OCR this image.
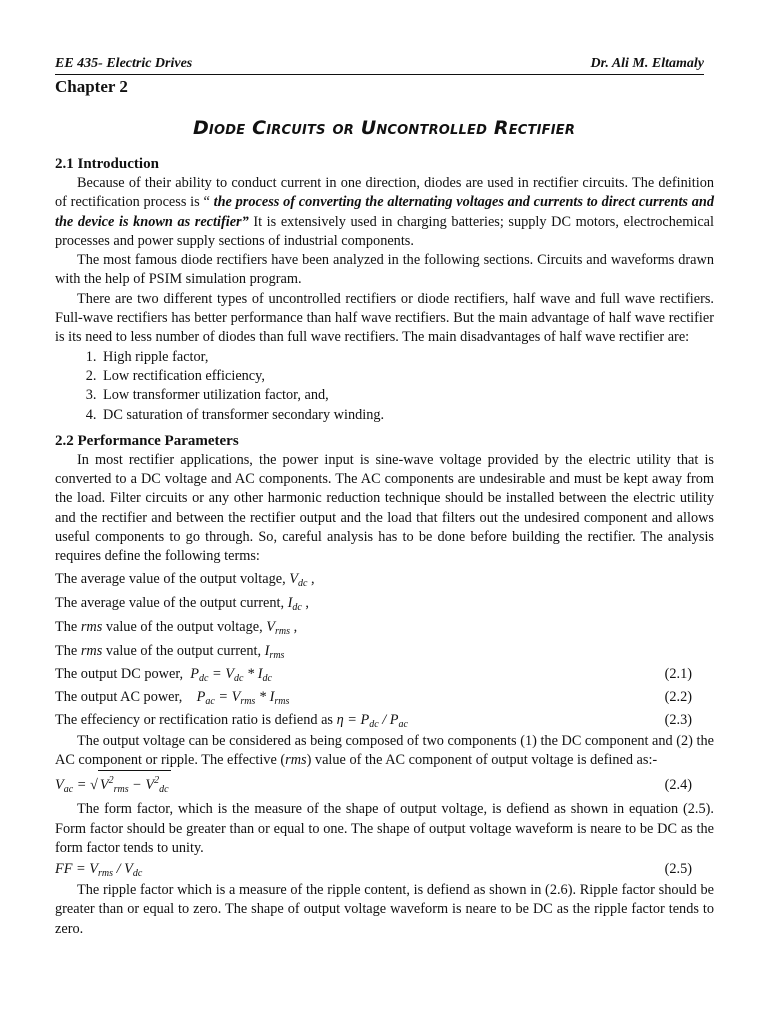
EE 435- Electric Drives	Dr. Ali M. Eltamaly
Chapter 2
Diode Circuits or Uncontrolled Rectifier
2.1 Introduction

Because of their ability to conduct current in one direction, diodes are used in rectifier circuits. The definition of rectification process is “ the process of converting the alternating voltages and currents to direct currents and the device is known as rectifier” It is extensively used in charging batteries; supply DC motors, electrochemical processes and power supply sections of industrial components.

The most famous diode rectifiers have been analyzed in the following sections. Circuits and waveforms drawn with the help of PSIM simulation program.

There are two different types of uncontrolled rectifiers or diode rectifiers, half wave and full wave rectifiers. Full-wave rectifiers has better performance than half wave rectifiers. But the main advantage of half wave rectifier is its need to less number of diodes than full wave rectifiers. The main disadvantages of half wave rectifier are:

1. High ripple factor,
2. Low rectification efficiency,
3. Low transformer utilization factor, and,
4. DC saturation of transformer secondary winding.
2.2 Performance Parameters

In most rectifier applications, the power input is sine-wave voltage provided by the electric utility that is converted to a DC voltage and AC components. The AC components are undesirable and must be kept away from the load. Filter circuits or any other harmonic reduction technique should be installed between the electric utility and the rectifier and between the rectifier output and the load that filters out the undesired component and allows useful components to go through. So, careful analysis has to be done before building the rectifier. The analysis requires define the following terms:

The average value of the output voltage, $V_{dc}$ ,
The average value of the output current, $I_{dc}$ ,
The rms value of the output voltage, $V_{rms}$ ,
The rms value of the output current, $I_{rms}$
The output DC power, $P_{dc} = V_{dc} * I_{dc}$	(2.1)
The output AC power, $P_{ac} = V_{rms} * I_{rms}$	(2.2)
The effeciency or rectification ratio is defiend as $\eta = P_{dc} / P_{ac}$	(2.3)

The output voltage can be considered as being composed of two components (1) the DC component and (2) the AC component or ripple. The effective (rms) value of the AC component of output voltage is defined as:-

$V_{ac}$ = √ $V^2_{rms} - V^2_{dc}$	(2.4)

The form factor, which is the measure of the shape of output voltage, is defiend as shown in equation (2.5). Form factor should be greater than or equal to one. The shape of output voltage waveform is neare to be DC as the form factor tends to unity.

FF = $V_{rms} / V_{dc}$	(2.5)

The ripple factor which is a measure of the ripple content, is defiend as shown in (2.6). Ripple factor should be greater than or equal to zero. The shape of output voltage waveform is neare to be DC as the ripple factor tends to zero.
